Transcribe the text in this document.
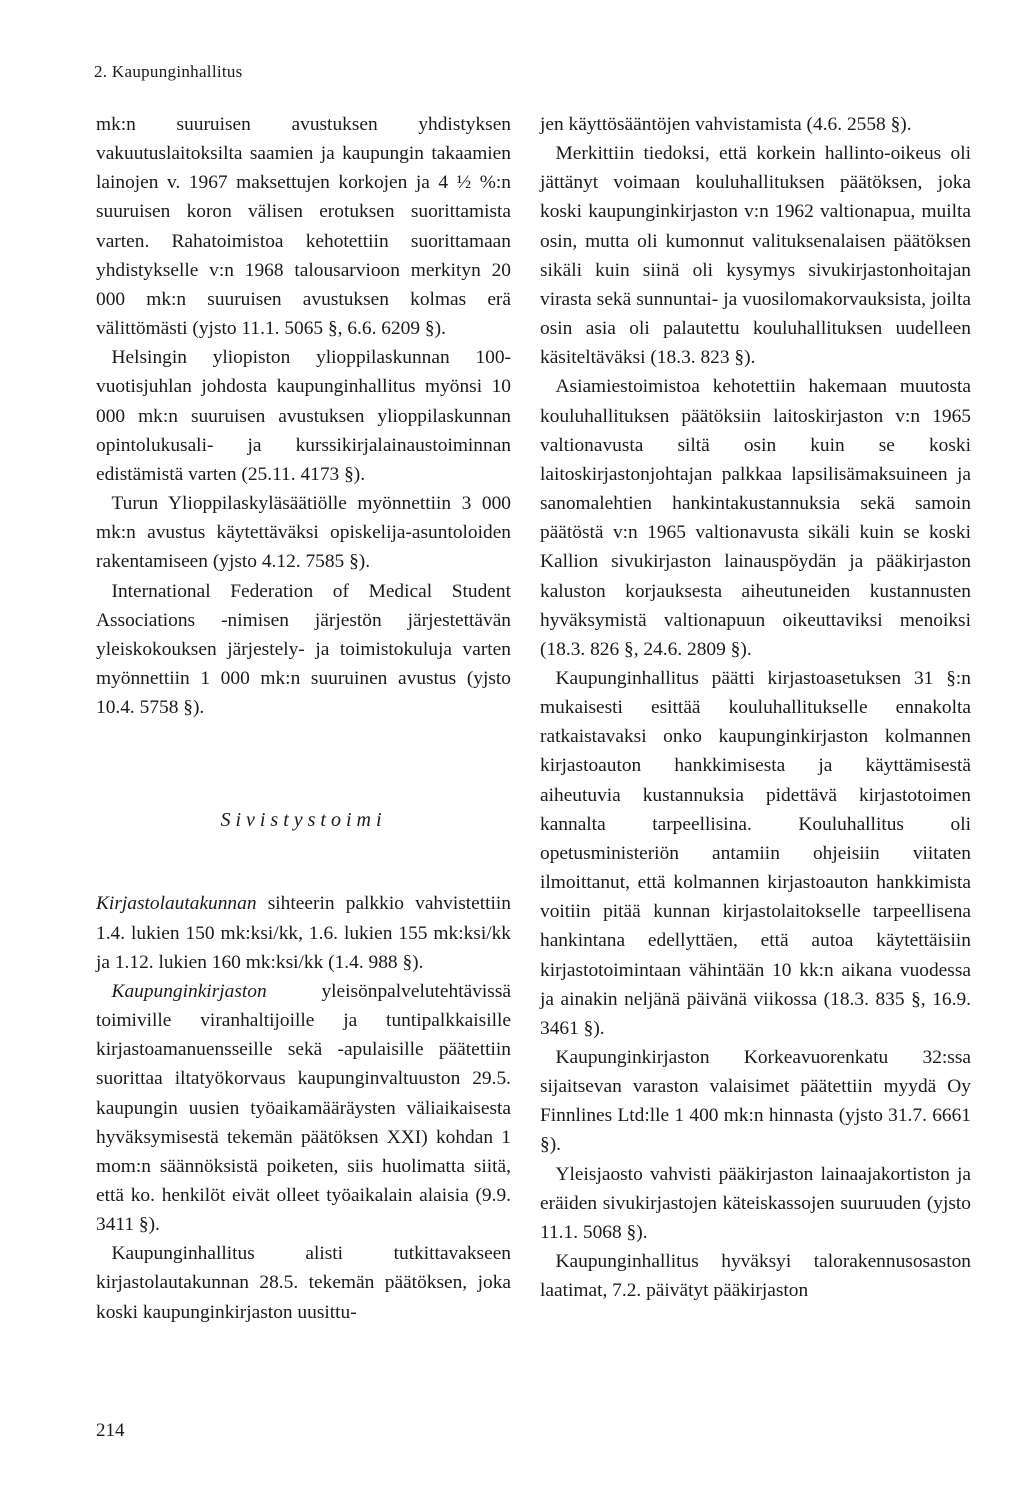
2. Kaupunginhallitus

mk:n suuruisen avustuksen yhdistyksen vakuutuslaitoksilta saamien ja kaupungin takaamien lainojen v. 1967 maksettujen korkojen ja 4 ½ %:n suuruisen koron välisen erotuksen suorittamista varten. Rahatoimistoa kehotettiin suorittamaan yhdistykselle v:n 1968 talousarvioon merkityn 20 000 mk:n suuruisen avustuksen kolmas erä välittömästi (yjsto 11.1. 5065 §, 6.6. 6209 §).

Helsingin yliopiston ylioppilaskunnan 100-vuotisjuhlan johdosta kaupunginhallitus myönsi 10 000 mk:n suuruisen avustuksen ylioppilaskunnan opintolukusali- ja kurssikirjalainaustoiminnan edistämistä varten (25.11. 4173 §).

Turun Ylioppilaskyläsäätiölle myönnettiin 3 000 mk:n avustus käytettäväksi opiskelija-asuntoloiden rakentamiseen (yjsto 4.12. 7585 §).

International Federation of Medical Student Associations -nimisen järjestön järjestettävän yleiskokouksen järjestely- ja toimistokuluja varten myönnettiin 1 000 mk:n suuruinen avustus (yjsto 10.4. 5758 §).

Sivistystoimi

Kirjastolautakunnan sihteerin palkkio vahvistettiin 1.4. lukien 150 mk:ksi/kk, 1.6. lukien 155 mk:ksi/kk ja 1.12. lukien 160 mk:ksi/kk (1.4. 988 §).

Kaupunginkirjaston yleisönpalvelutehtävissä toimiville viranhaltijoille ja tuntipalkkaisille kirjastoamanuensseille sekä -apulaisille päätettiin suorittaa iltatyökorvaus kaupunginvaltuuston 29.5. kaupungin uusien työaikamääräysten väliaikaisesta hyväksymisestä tekemän päätöksen XXI) kohdan 1 mom:n säännöksistä poiketen, siis huolimatta siitä, että ko. henkilöt eivät olleet työaikalain alaisia (9.9. 3411 §).

Kaupunginhallitus alisti tutkittavakseen kirjastolautakunnan 28.5. tekemän päätöksen, joka koski kaupunginkirjaston uusittu-

jen käyttösääntöjen vahvistamista (4.6. 2558 §).

Merkittiin tiedoksi, että korkein hallinto-oikeus oli jättänyt voimaan kouluhallituksen päätöksen, joka koski kaupunginkirjaston v:n 1962 valtionapua, muilta osin, mutta oli kumonnut valituksenalaisen päätöksen sikäli kuin siinä oli kysymys sivukirjastonhoitajan virasta sekä sunnuntai- ja vuosilomakorvauksista, joilta osin asia oli palautettu kouluhallituksen uudelleen käsiteltäväksi (18.3. 823 §).

Asiamiestoimistoa kehotettiin hakemaan muutosta kouluhallituksen päätöksiin laitoskirjaston v:n 1965 valtionavusta siltä osin kuin se koski laitoskirjastonjohtajan palkkaa lapsilisämaksuineen ja sanomalehtien hankintakustannuksia sekä samoin päätöstä v:n 1965 valtionavusta sikäli kuin se koski Kallion sivukirjaston lainauspöydän ja pääkirjaston kaluston korjauksesta aiheutuneiden kustannusten hyväksymistä valtionapuun oikeuttaviksi menoiksi (18.3. 826 §, 24.6. 2809 §).

Kaupunginhallitus päätti kirjastoasetuksen 31 §:n mukaisesti esittää kouluhallitukselle ennakolta ratkaistavaksi onko kaupunginkirjaston kolmannen kirjastoauton hankkimisesta ja käyttämisestä aiheutuvia kustannuksia pidettävä kirjastotoimen kannalta tarpeellisina. Kouluhallitus oli opetusministeriön antamiin ohjeisiin viitaten ilmoittanut, että kolmannen kirjastoauton hankkimista voitiin pitää kunnan kirjastolaitokselle tarpeellisena hankintana edellyttäen, että autoa käytettäisiin kirjastotoimintaan vähintään 10 kk:n aikana vuodessa ja ainakin neljänä päivänä viikossa (18.3. 835 §, 16.9. 3461 §).

Kaupunginkirjaston Korkeavuorenkatu 32:ssa sijaitsevan varaston valaisimet päätettiin myydä Oy Finnlines Ltd:lle 1 400 mk:n hinnasta (yjsto 31.7. 6661 §).

Yleisjaosto vahvisti pääkirjaston lainaajakortiston ja eräiden sivukirjastojen käteiskassojen suuruuden (yjsto 11.1. 5068 §).

Kaupunginhallitus hyväksyi talorakennusosaston laatimat, 7.2. päivätyt pääkirjaston

214
